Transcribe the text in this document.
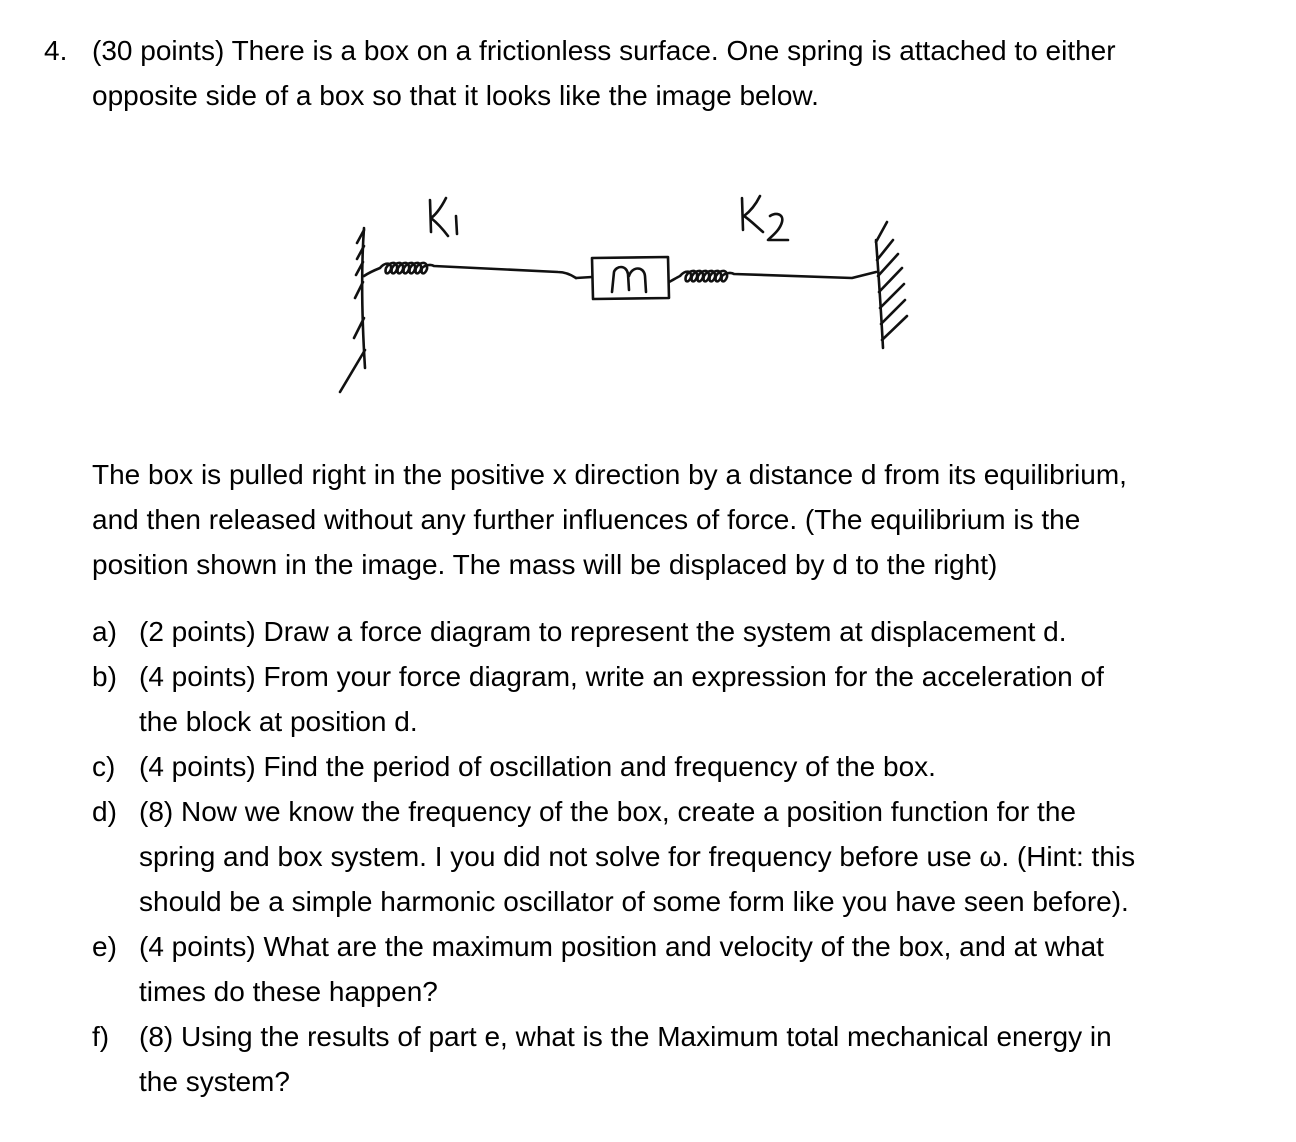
4. (30 points) There is a box on a frictionless surface. One spring is attached to either
opposite side of a box so that it looks like the image below.
The box is pulled right in the positive x direction by a distance d from its equilibrium,
and then released without any further influences of force. (The equilibrium is the
position shown in the image. The mass will be displaced by d to the right)
a) (2 points) Draw a force diagram to represent the system at displacement d.
b) (4 points) From your force diagram, write an expression for the acceleration of
the block at position d.
c) (4 points) Find the period of oscillation and frequency of the box.
d) (8) Now we know the frequency of the box, create a position function for the
spring and box system. I you did not solve for frequency before use ω. (Hint: this
should be a simple harmonic oscillator of some form like you have seen before).
e) (4 points) What are the maximum position and velocity of the box, and at what
times do these happen?
f) (8) Using the results of part e, what is the Maximum total mechanical energy in
the system?
